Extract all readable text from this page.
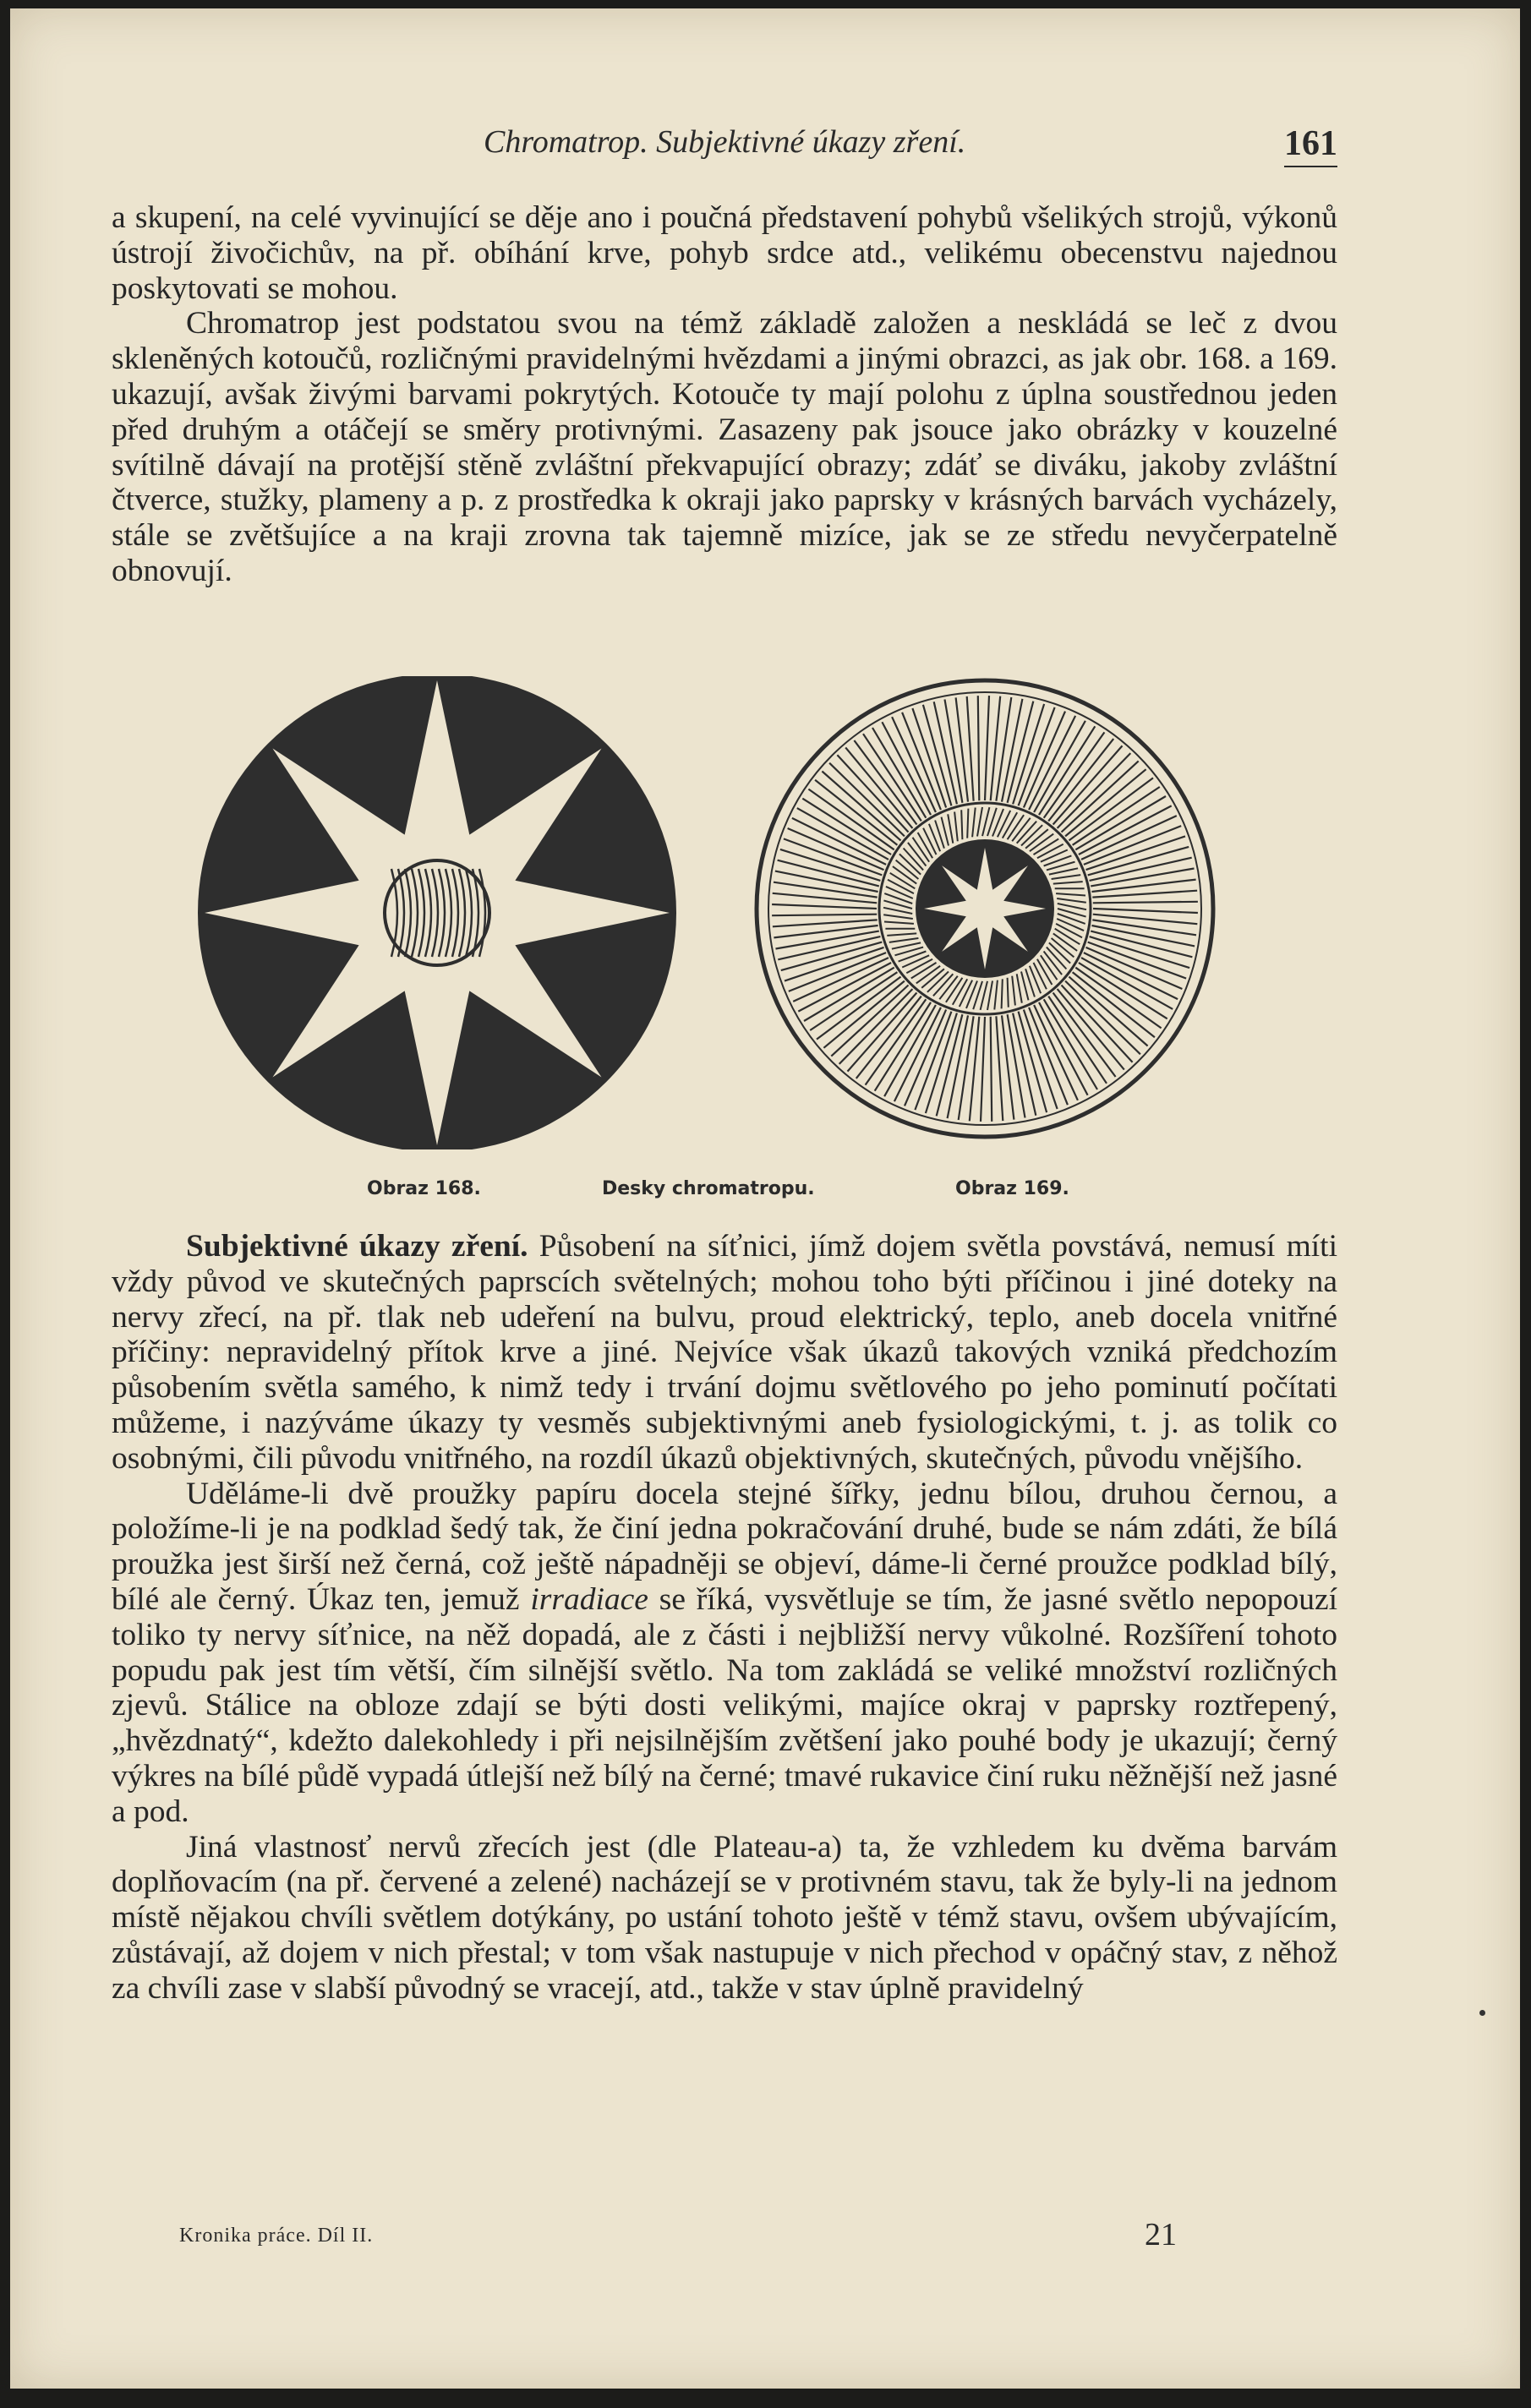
Chromatrop. Subjektivné úkazy zření.	161

a skupení, na celé vyvinující se děje ano i poučná představení pohybů všelikých strojů, výkonů ústrojí živočichův, na př. obíhání krve, pohyb srdce atd., velikému obecenstvu najednou poskytovati se mohou.

Chromatrop jest podstatou svou na témž základě založen a neskládá se leč z dvou skleněných kotoučů, rozličnými pravidelnými hvězdami a jinými obrazci, as jak obr. 168. a 169. ukazují, avšak živými barvami pokrytých. Kotouče ty mají polohu z úplna soustřednou jeden před druhým a otáčejí se směry protivnými. Zasazeny pak jsouce jako obrázky v kouzelné svítilně dávají na protější stěně zvláštní překvapující obrazy; zdáť se diváku, jakoby zvláštní čtverce, stužky, plameny a p. z prostředka k okraji jako paprsky v krásných barvách vycházely, stále se zvětšujíce a na kraji zrovna tak tajemně mizíce, jak se ze středu nevyčerpatelně obnovují.

Obraz 168.	Desky chromatropu.	Obraz 169.

Subjektivné úkazy zření. Působení na síťnici, jímž dojem světla povstává, nemusí míti vždy původ ve skutečných paprscích světelných; mohou toho býti příčinou i jiné doteky na nervy zřecí, na př. tlak neb udeření na bulvu, proud elektrický, teplo, aneb docela vnitřné příčiny: nepravidelný přítok krve a jiné. Nejvíce však úkazů takových vzniká předchozím působením světla samého, k nimž tedy i trvání dojmu světlového po jeho pominutí počítati můžeme, i nazýváme úkazy ty vesměs subjektivnými aneb fysiologickými, t. j. as tolik co osobnými, čili původu vnitřného, na rozdíl úkazů objektivných, skutečných, původu vnějšího.

Uděláme-li dvě proužky papíru docela stejné šířky, jednu bílou, druhou černou, a položíme-li je na podklad šedý tak, že činí jedna pokračování druhé, bude se nám zdáti, že bílá proužka jest širší než černá, což ještě nápadněji se objeví, dáme-li černé proužce podklad bílý, bílé ale černý. Úkaz ten, jemuž irradiace se říká, vysvětluje se tím, že jasné světlo nepopouzí toliko ty nervy síťnice, na něž dopadá, ale z části i nejbližší nervy vůkolné. Rozšíření tohoto popudu pak jest tím větší, čím silnější světlo. Na tom zakládá se veliké množství rozličných zjevů. Stálice na obloze zdají se býti dosti velikými, majíce okraj v paprsky roztřepený, „hvězdnatý“, kdežto dalekohledy i při nejsilnějším zvětšení jako pouhé body je ukazují; černý výkres na bílé půdě vypadá útlejší než bílý na černé; tmavé rukavice činí ruku něžnější než jasné a pod.

Jiná vlastnosť nervů zřecích jest (dle Plateau-a) ta, že vzhledem ku dvěma barvám doplňovacím (na př. červené a zelené) nacházejí se v protivném stavu, tak že byly-li na jednom místě nějakou chvíli světlem dotýkány, po ustání tohoto ještě v témž stavu, ovšem ubývajícím, zůstávají, až dojem v nich přestal; v tom však nastupuje v nich přechod v opáčný stav, z něhož za chvíli zase v slabší původný se vracejí, atd., takže v stav úplně pravidelný

Kronika práce. Díl II.	21
